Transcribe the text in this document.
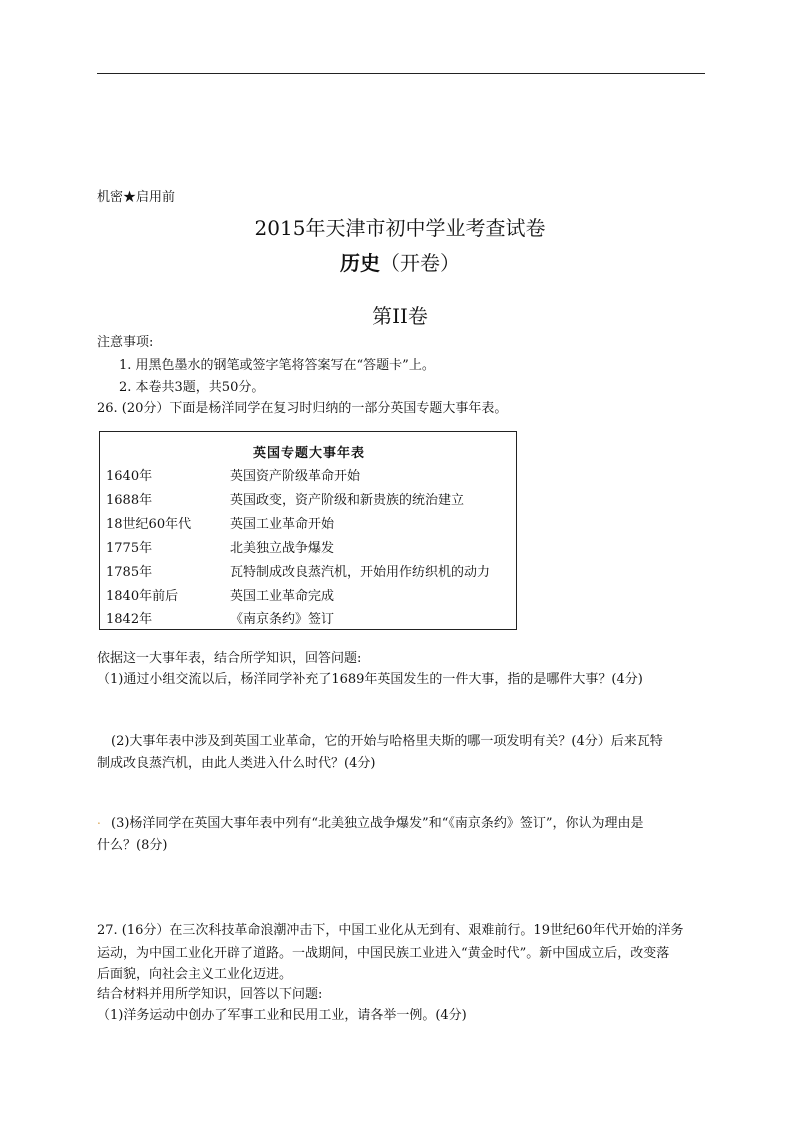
机密★启用前
2015年天津市初中学业考查试卷
历史（开卷）
第II卷
注意事项:
1. 用黑色墨水的钢笔或签字笔将答案写在“答题卡”上。
2. 本卷共3题，共50分。
26. (20分）下面是杨洋同学在复习时归纳的一部分英国专题大事年表。
英国专题大事年表
1640年	英国资产阶级革命开始
1688年	英国政变，资产阶级和新贵族的统治建立
18世纪60年代	英国工业革命开始
1775年	北美独立战争爆发
1785年	瓦特制成改良蒸汽机，开始用作纺织机的动力
1840年前后	英国工业革命完成
1842年	《南京条约》签订
依据这一大事年表，结合所学知识，回答问题:
（1)通过小组交流以后，杨洋同学补充了1689年英国发生的一件大事，指的是哪件大事？(4分)
(2)大事年表中涉及到英国工业革命，它的开始与哈格里夫斯的哪一项发明有关？(4分）后来瓦特
制成改良蒸汽机，由此人类进入什么时代？(4分)
. (3)杨洋同学在英国大事年表中列有“北美独立战争爆发”和“《南京条约》签订”，你认为理由是
什么？(8分)
27. (16分）在三次科技革命浪潮冲击下，中国工业化从无到有、艰难前行。19世纪60年代开始的洋务
运动，为中国工业化开辟了道路。一战期间，中国民族工业进入“黄金时代”。新中国成立后，改变落
后面貌，向社会主义工业化迈进。
结合材料并用所学知识，回答以下问题:
（1)洋务运动中创办了军事工业和民用工业，请各举一例。(4分)
